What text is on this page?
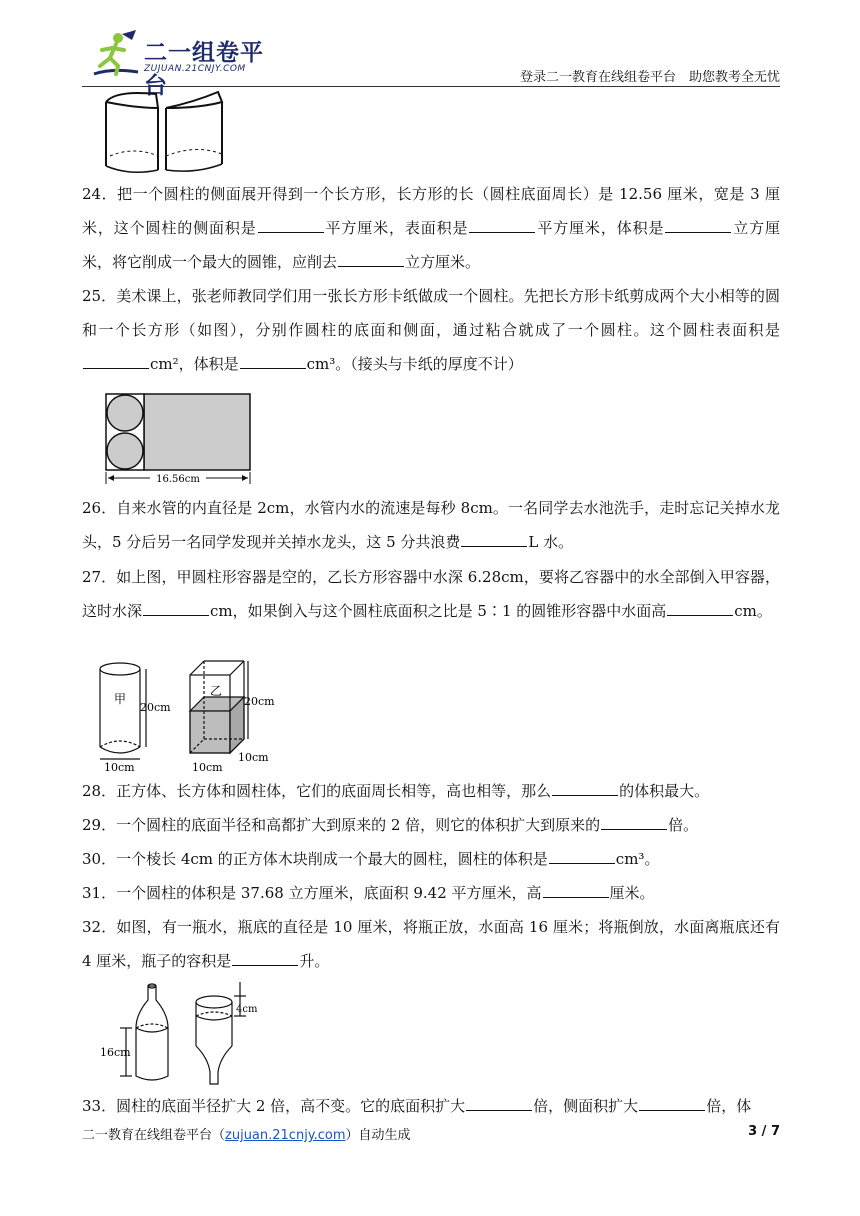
二一组卷平台
ZUJUAN.21CNJY.COM
登录二一教育在线组卷平台　助您教考全无忧
24．把一个圆柱的侧面展开得到一个长方形，长方形的长（圆柱底面周长）是 12.56 厘米，宽是 3 厘米，这个圆柱的侧面积是	平方厘米，表面积是	平方厘米，体积是	立方厘米，将它削成一个最大的圆锥，应削去	立方厘米。
25．美术课上，张老师教同学们用一张长方形卡纸做成一个圆柱。先把长方形卡纸剪成两个大小相等的圆和一个长方形（如图），分别作圆柱的底面和侧面，通过粘合就成了一个圆柱。这个圆柱表面积是cm²，体积是	cm³。（接头与卡纸的厚度不计）
16.56cm
26．自来水管的内直径是 2cm，水管内水的流速是每秒 8cm。一名同学去水池洗手，走时忘记关掉水龙头，5 分后另一名同学发现并关掉水龙头，这 5 分共浪费	L 水。
27．如上图，甲圆柱形容器是空的，乙长方形容器中水深 6.28cm，要将乙容器中的水全部倒入甲容器，这时水深	cm，如果倒入与这个圆柱底面积之比是 5∶1 的圆锥形容器中水面高	cm。
甲
20cm
10cm
乙
20cm
10cm
10cm
28．正方体、长方体和圆柱体，它们的底面周长相等，高也相等，那么	的体积最大。
29．一个圆柱的底面半径和高都扩大到原来的 2 倍，则它的体积扩大到原来的	倍。
30．一个棱长 4cm 的正方体木块削成一个最大的圆柱，圆柱的体积是	cm³。
31．一个圆柱的体积是 37.68 立方厘米，底面积 9.42 平方厘米，高	厘米。
32．如图，有一瓶水，瓶底的直径是 10 厘米，将瓶正放，水面高 16 厘米；将瓶倒放，水面离瓶底还有 4 厘米，瓶子的容积是	升。
16cm
4cm
33．圆柱的底面半径扩大 2 倍，高不变。它的底面积扩大	倍，侧面积扩大	倍，体
二一教育在线组卷平台（zujuan.21cnjy.com）自动生成	3 / 7
